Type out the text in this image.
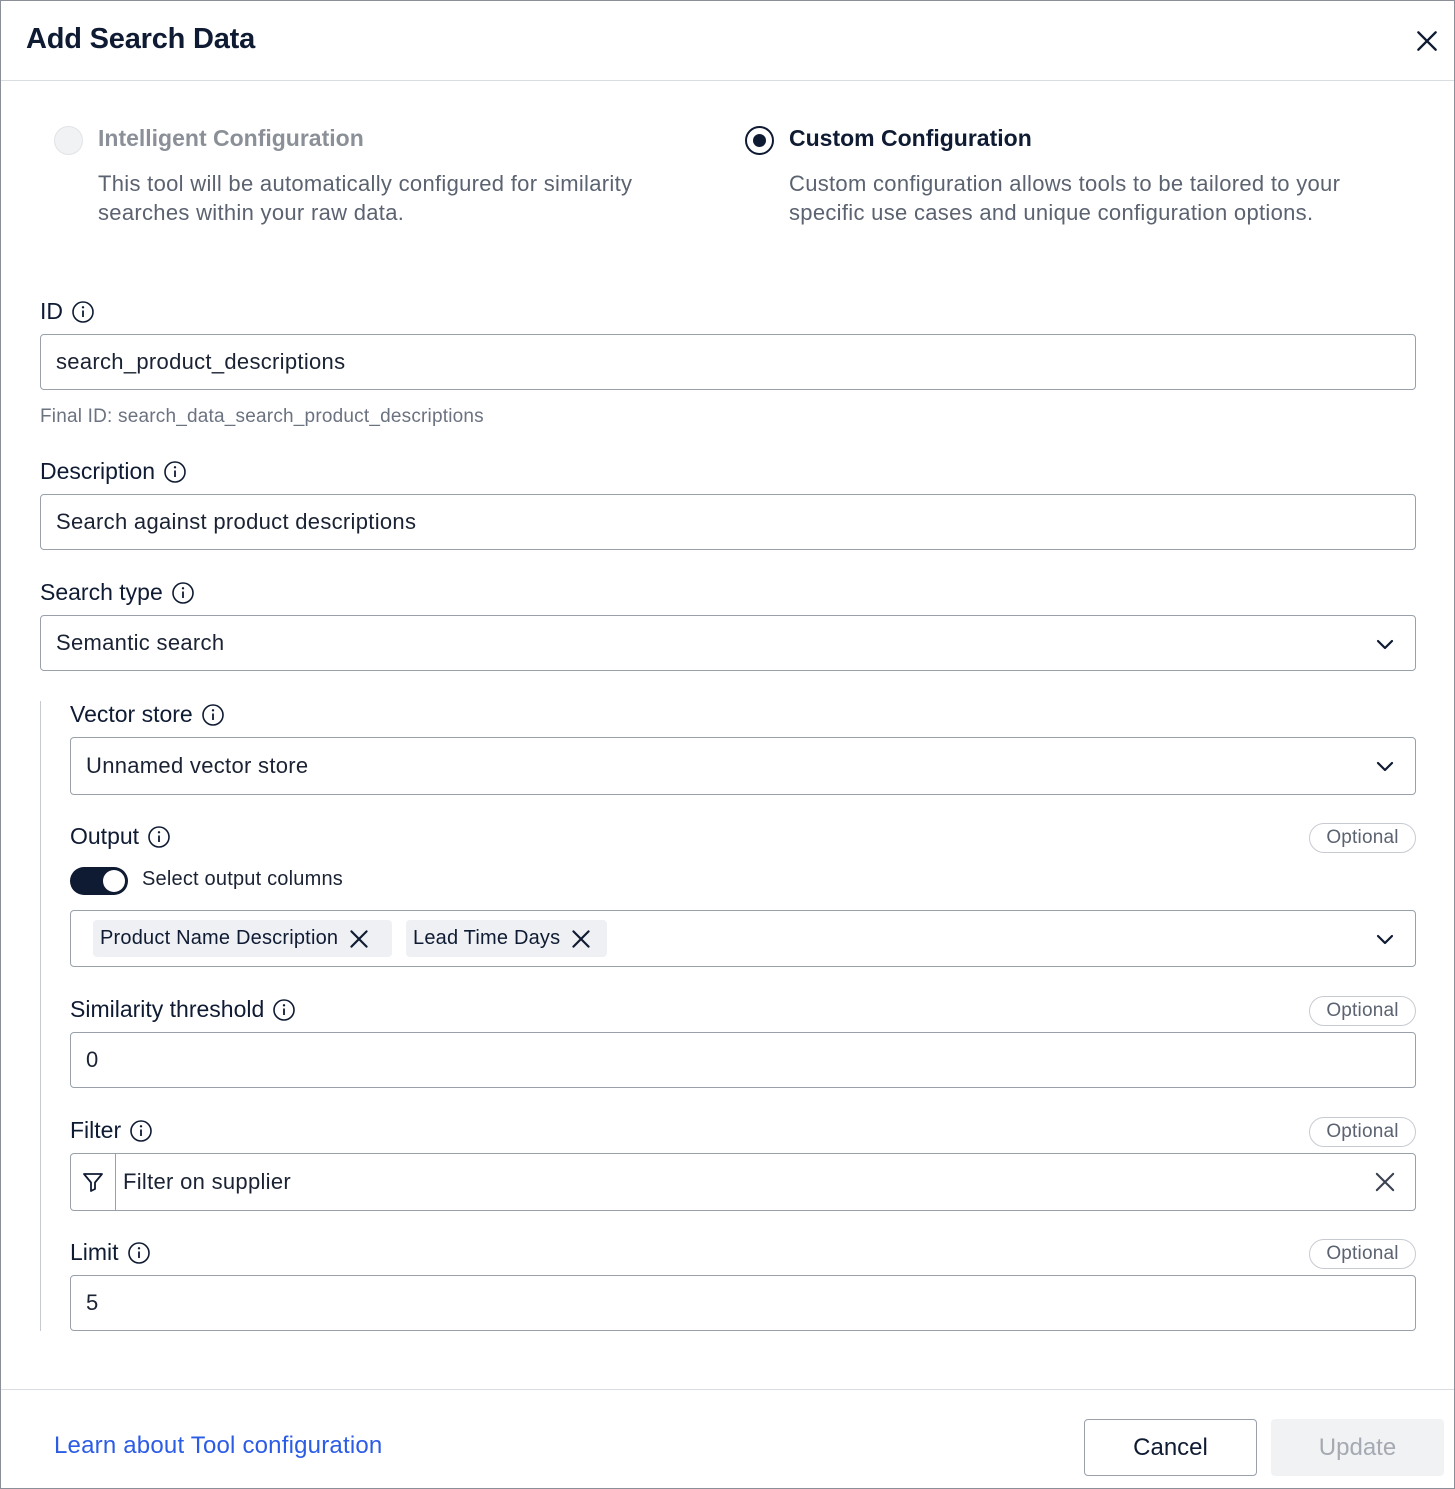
Add Search Data
Intelligent Configuration
This tool will be automatically configured for similarity searches within your raw data.
Custom Configuration
Custom configuration allows tools to be tailored to your specific use cases and unique configuration options.
ID
search_product_descriptions
Final ID: search_data_search_product_descriptions
Description
Search against product descriptions
Search type
Semantic search
Vector store
Unnamed vector store
Output	Optional
Select output columns
Product Name Description	Lead Time Days
Similarity threshold	Optional
0
Filter	Optional
Filter on supplier
Limit	Optional
5
Learn about Tool configuration	Cancel	Update
